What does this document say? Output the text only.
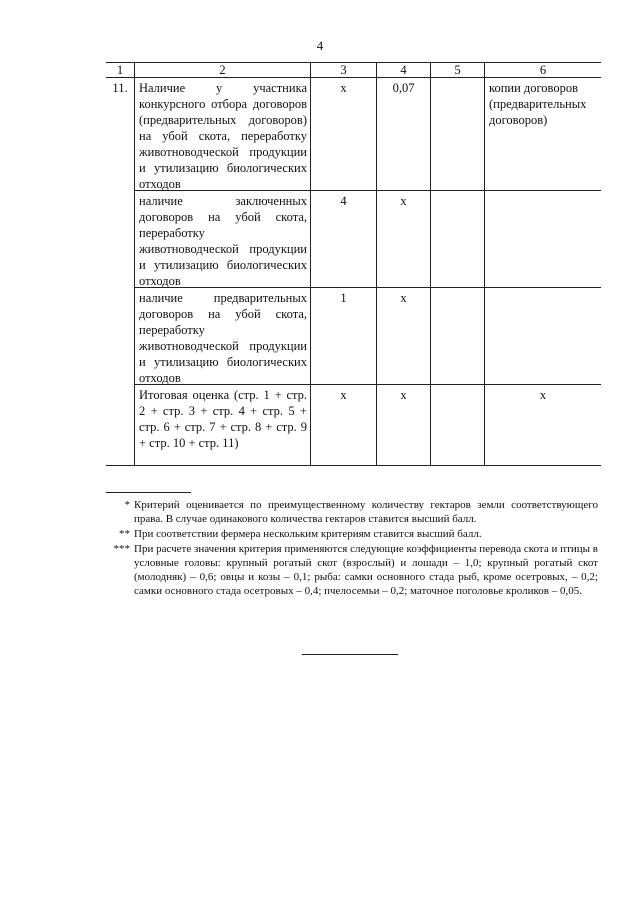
4
1	2	3	4	5	6

11.	Наличие у участника конкурсного отбора договоров (предварительных договоров) на убой скота, переработку животноводческой продукции и утилизацию биологических отходов	х	0,07		копии договоров (предварительных договоров)

	наличие заключенных договоров на убой скота, переработку животноводческой продукции и утилизацию биологических отходов	4	х		

	наличие предварительных договоров на убой скота, переработку животноводческой продукции и утилизацию биологических отходов	1	х		

	Итоговая оценка (стр. 1 + стр. 2 + стр. 3 + стр. 4 + стр. 5 + стр. 6 + стр. 7 + стр. 8 + стр. 9 + стр. 10 + стр. 11)	х	х		х
* Критерий оценивается по преимущественному количеству гектаров земли соответствующего права. В случае одинакового количества гектаров ставится высший балл.
** При соответствии фермера нескольким критериям ставится высший балл.
*** При расчете значения критерия применяются следующие коэффициенты перевода скота и птицы в условные головы: крупный рогатый скот (взрослый) и лошади – 1,0; крупный рогатый скот (молодняк) – 0,6; овцы и козы – 0,1; рыба: самки основного стада рыб, кроме осетровых, – 0,2; самки основного стада осетровых – 0,4; пчелосемьи – 0,2; маточное поголовье кроликов – 0,05.
